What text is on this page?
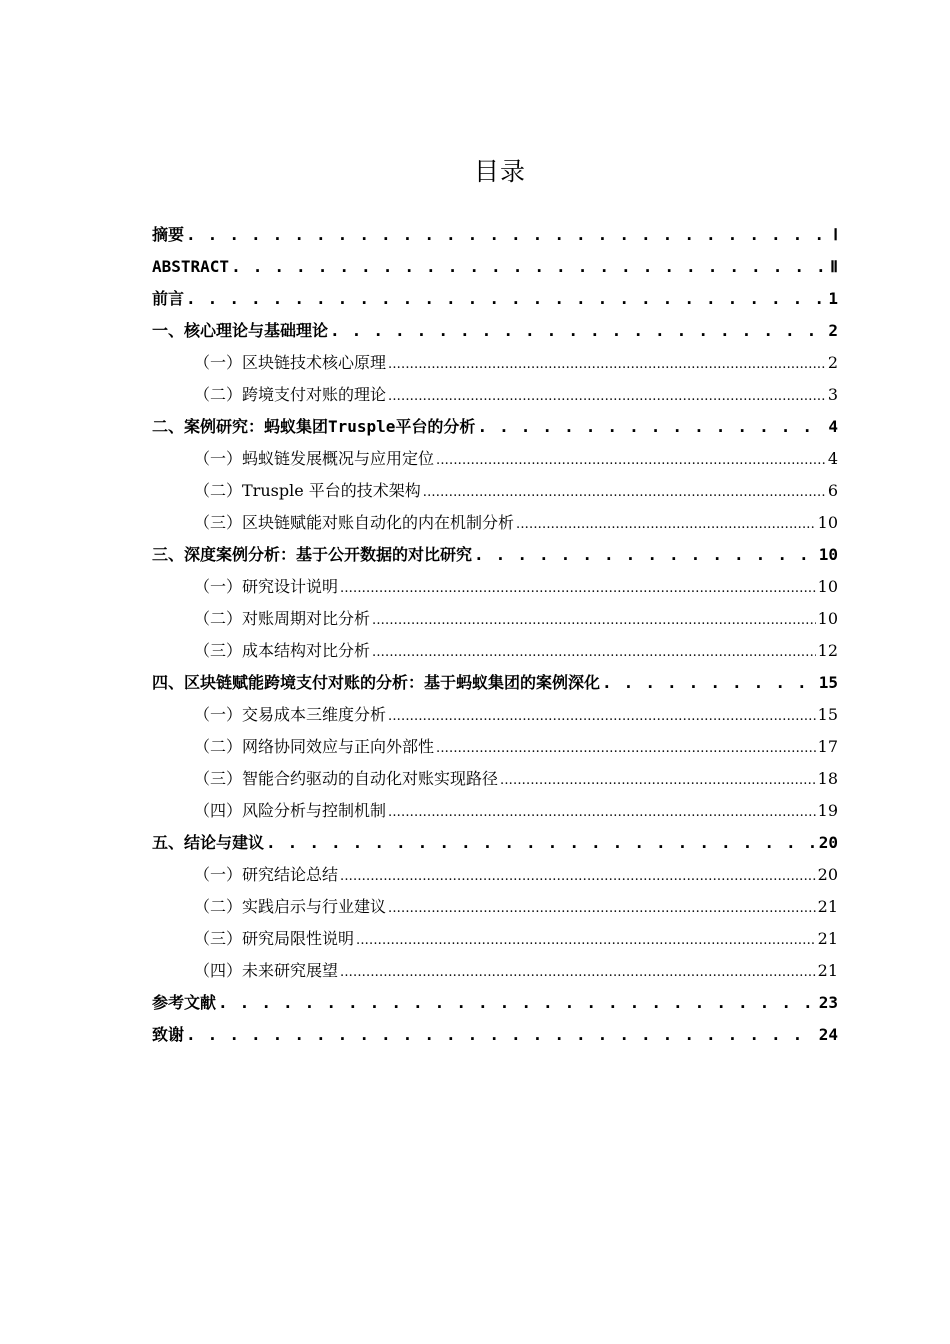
目录
摘要 . . .	Ⅰ
ABSTRACT . . .	Ⅱ
前言 . . .	1
一、核心理论与基础理论 . . .	2
（一）区块链技术核心原理 .....	2
（二）跨境支付对账的理论 .....	3
二、案例研究：蚂蚁集团Trusple平台的分析 . . .	4
（一）蚂蚁链发展概况与应用定位 .....	4
（二）Trusple 平台的技术架构 .....	6
（三）区块链赋能对账自动化的内在机制分析 .....	10
三、深度案例分析：基于公开数据的对比研究 . . .	10
（一）研究设计说明 .....	10
（二）对账周期对比分析 .....	10
（三）成本结构对比分析 .....	12
四、区块链赋能跨境支付对账的分析：基于蚂蚁集团的案例深化 . . .	15
（一）交易成本三维度分析 .....	15
（二）网络协同效应与正向外部性 .....	17
（三）智能合约驱动的自动化对账实现路径 .....	18
（四）风险分析与控制机制 .....	19
五、结论与建议 . . .	20
（一）研究结论总结 .....	20
（二）实践启示与行业建议 .....	21
（三）研究局限性说明 .....	21
（四）未来研究展望 .....	21
参考文献 . . .	23
致谢 . . .	24
